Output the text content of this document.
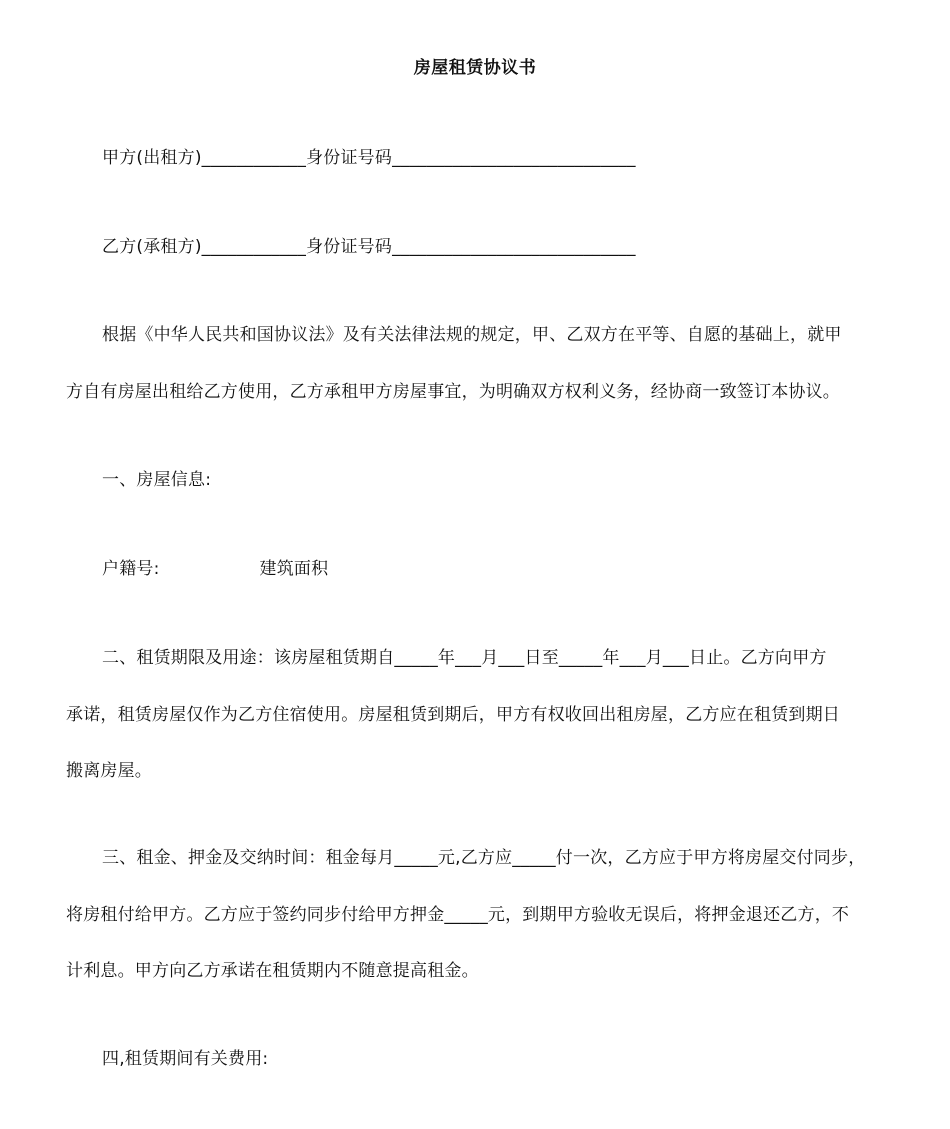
房屋租赁协议书
甲方(出租方)____________身份证号码____________________________
乙方(承租方)____________身份证号码____________________________
根据《中华人民共和国协议法》及有关法律法规的规定，甲、乙双方在平等、自愿的基础上，就甲
方自有房屋出租给乙方使用，乙方承租甲方房屋事宜，为明确双方权利义务，经协商一致签订本协议。
一、房屋信息:
户籍号:	建筑面积
二、租赁期限及用途：该房屋租赁期自_____年___月___日至_____年___月___日止。乙方向甲方
承诺，租赁房屋仅作为乙方住宿使用。房屋租赁到期后，甲方有权收回出租房屋，乙方应在租赁到期日
搬离房屋。
三、租金、押金及交纳时间：租金每月_____元,乙方应_____付一次，乙方应于甲方将房屋交付同步，
将房租付给甲方。乙方应于签约同步付给甲方押金_____元，到期甲方验收无误后，将押金退还乙方，不
计利息。甲方向乙方承诺在租赁期内不随意提高租金。
四,租赁期间有关费用:
